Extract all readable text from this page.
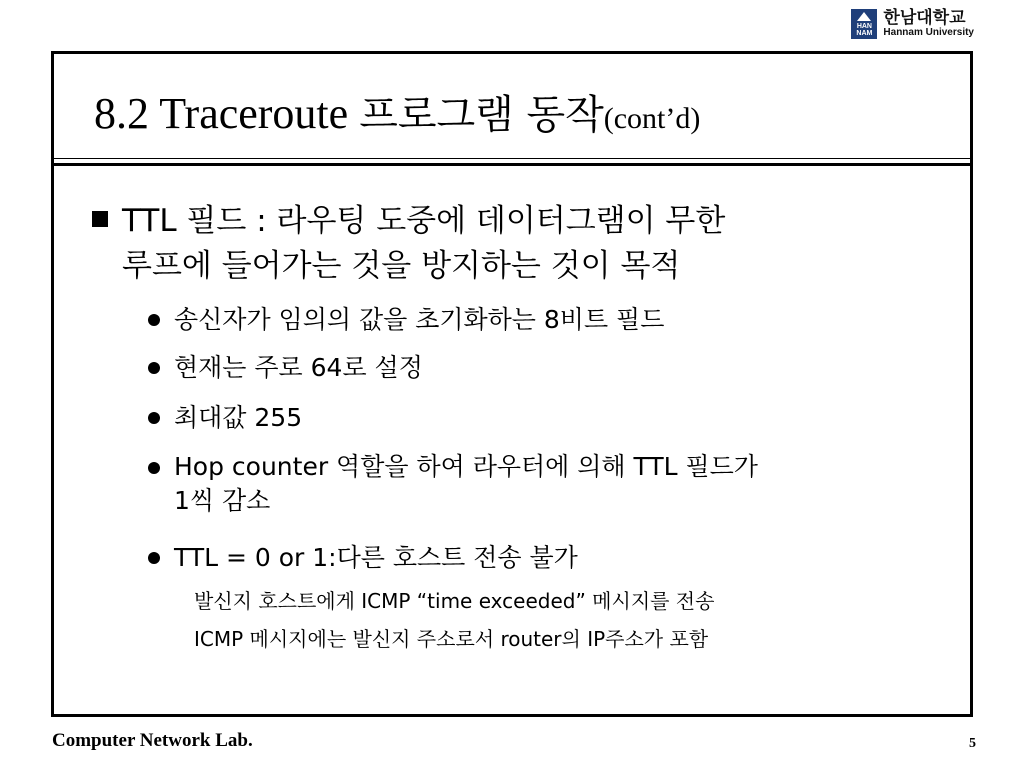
HAN
NAM
한남대학교
Hannam University
8.2 Traceroute 프로그램 동작(cont’d)
TTL 필드 : 라우팅 도중에 데이터그램이 무한
루프에 들어가는 것을 방지하는 것이 목적
송신자가 임의의 값을 초기화하는 8비트 필드
현재는 주로 64로 설정
최대값 255
Hop counter 역할을 하여 라우터에 의해 TTL 필드가
1씩 감소
TTL = 0 or 1:다른 호스트 전송 불가
발신지 호스트에게 ICMP “time exceeded” 메시지를 전송
ICMP 메시지에는 발신지 주소로서 router의 IP주소가 포함
Computer Network Lab.	5
